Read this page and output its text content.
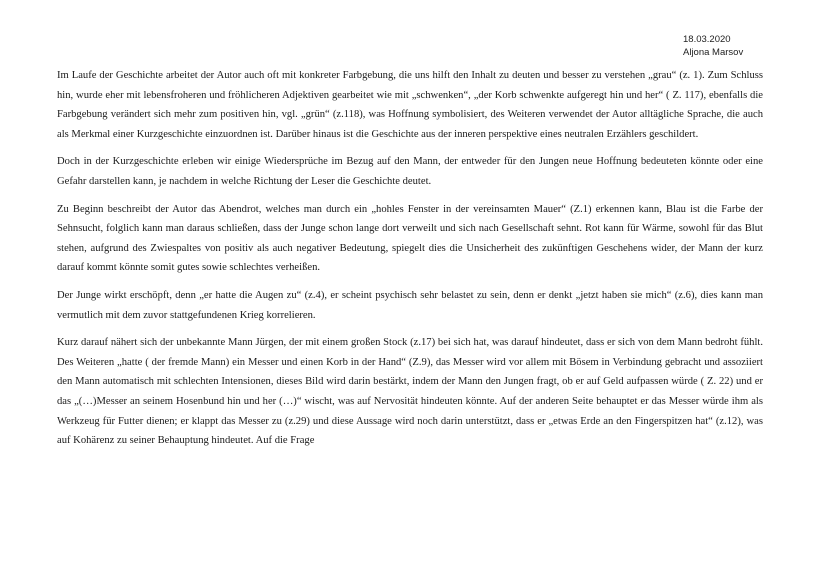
18.03.2020
Aljona Marsov

Im Laufe der Geschichte arbeitet der Autor auch oft mit konkreter Farbgebung, die uns hilft den Inhalt zu deuten und besser zu verstehen „grau“ (z. 1). Zum Schluss hin, wurde eher mit lebensfroheren und fröhlicheren Adjektiven gearbeitet wie mit „schwenken“, „der Korb schwenkte aufgeregt hin und her“ ( Z. 117), ebenfalls die Farbgebung verändert sich mehr zum positiven hin, vgl. „grün“ (z.118), was Hoffnung symbolisiert, des Weiteren verwendet der Autor alltägliche Sprache, die auch als Merkmal einer Kurzgeschichte einzuordnen ist. Darüber hinaus ist die Geschichte aus der inneren perspektive eines neutralen Erzählers geschildert.

Doch in der Kurzgeschichte erleben wir einige Wiedersprüche im Bezug auf den Mann, der entweder für den Jungen neue Hoffnung bedeuteten könnte oder eine Gefahr darstellen kann, je nachdem in welche Richtung der Leser die Geschichte deutet.

Zu Beginn beschreibt der Autor das Abendrot, welches man durch ein „hohles Fenster in der vereinsamten Mauer“ (Z.1) erkennen kann, Blau ist die Farbe der Sehnsucht, folglich kann man daraus schließen, dass der Junge schon lange dort verweilt und sich nach Gesellschaft sehnt. Rot kann für Wärme, sowohl für das Blut stehen, aufgrund des Zwiespaltes von positiv als auch negativer Bedeutung, spiegelt dies die Unsicherheit des zukünftigen Geschehens wider, der Mann der kurz darauf kommt könnte somit gutes sowie schlechtes verheißen.

Der Junge wirkt erschöpft, denn „er hatte die Augen zu“ (z.4), er scheint psychisch sehr belastet zu sein, denn er denkt „jetzt haben sie mich“ (z.6), dies kann man vermutlich mit dem zuvor stattgefundenen Krieg korrelieren.

Kurz darauf nähert sich der unbekannte Mann Jürgen, der mit einem großen Stock (z.17) bei sich hat, was darauf hindeutet, dass er sich von dem Mann bedroht fühlt. Des Weiteren „hatte ( der fremde Mann) ein Messer und einen Korb in der Hand“ (Z.9), das Messer wird vor allem mit Bösem in Verbindung gebracht und assoziiert den Mann automatisch mit schlechten Intensionen, dieses Bild wird darin bestärkt, indem der Mann den Jungen fragt, ob er auf Geld aufpassen würde ( Z. 22) und er das „(…)Messer an seinem Hosenbund hin und her (…)“ wischt, was auf Nervosität hindeuten könnte. Auf der anderen Seite behauptet er das Messer würde ihm als Werkzeug für Futter dienen; er klappt das Messer zu (z.29) und diese Aussage wird noch darin unterstützt, dass er „etwas Erde an den Fingerspitzen hat“ (z.12), was auf Kohärenz zu seiner Behauptung hindeutet. Auf die Frage
